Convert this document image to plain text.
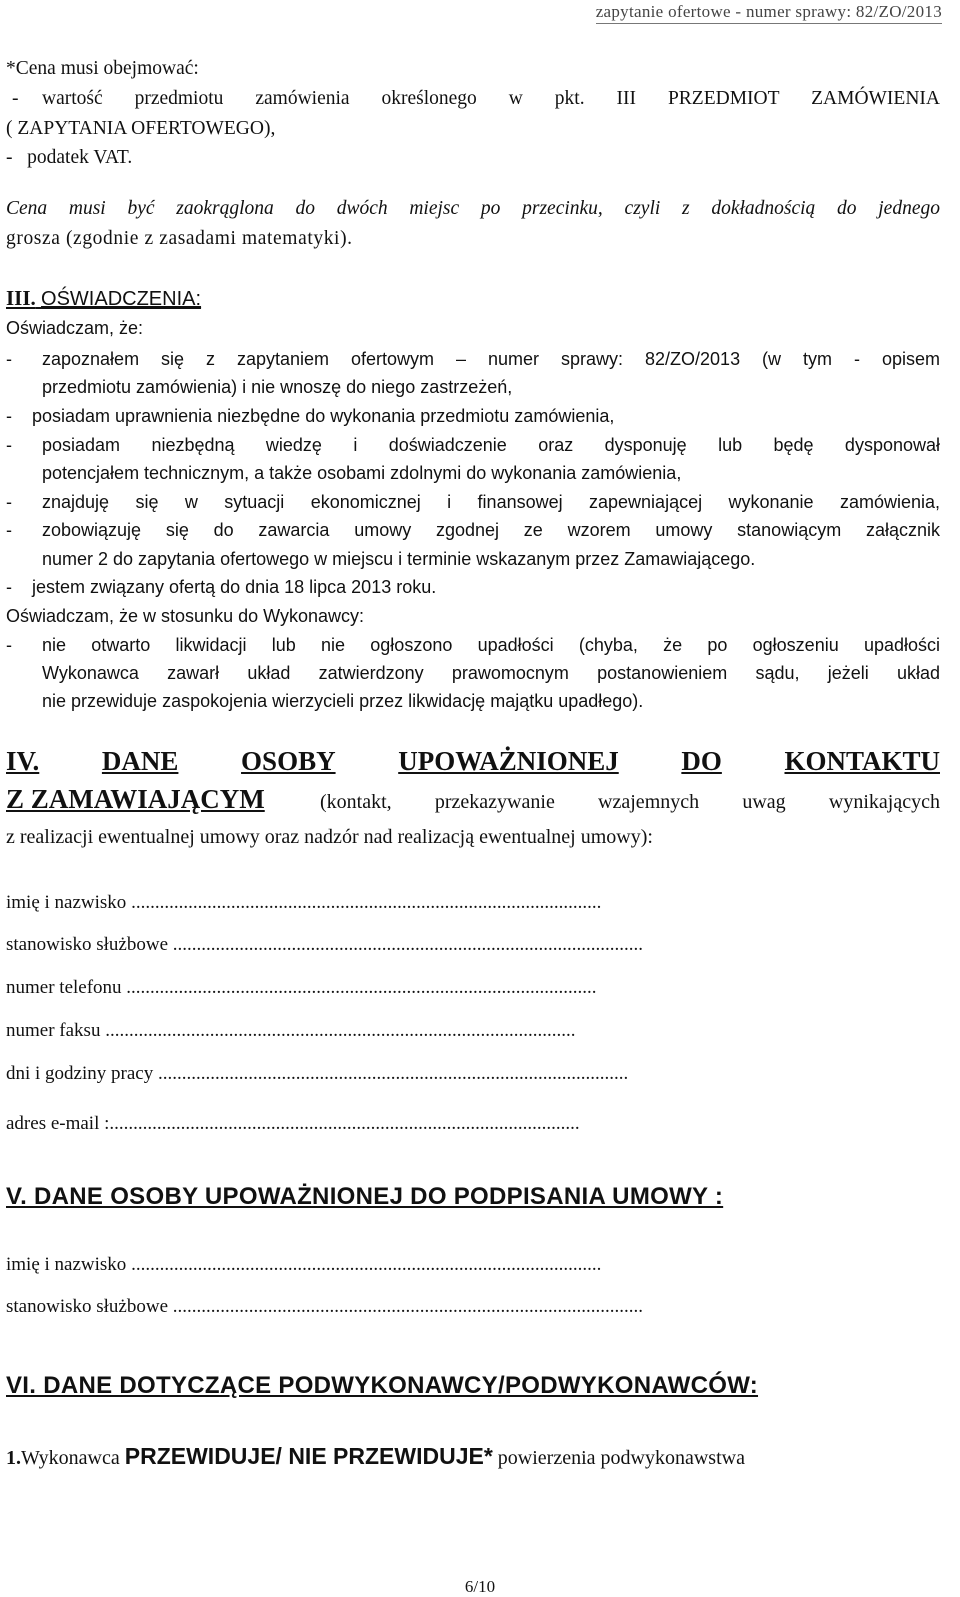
zapytanie ofertowe - numer sprawy: 82/ZO/2013
*Cena musi obejmować:
- wartość przedmiotu zamówienia określonego w pkt. III PRZEDMIOT ZAMÓWIENIA
( ZAPYTANIA OFERTOWEGO),
-   podatek VAT.
Cena musi być zaokrąglona do dwóch miejsc po przecinku, czyli z dokładnością do jednego
grosza (zgodnie z zasadami matematyki).
III. OŚWIADCZENIA:
Oświadczam, że:
- zapoznałem się z zapytaniem ofertowym – numer sprawy: 82/ZO/2013 (w tym - opisem
przedmiotu zamówienia) i nie wnoszę do niego zastrzeżeń,
-    posiadam uprawnienia niezbędne do wykonania przedmiotu zamówienia,
- posiadam niezbędną wiedzę i doświadczenie oraz dysponuję lub będę dysponował
potencjałem technicznym, a także osobami zdolnymi do wykonania zamówienia,
- znajduję się w sytuacji ekonomicznej i finansowej zapewniającej wykonanie zamówienia,
- zobowiązuję się do zawarcia umowy zgodnej ze wzorem umowy stanowiącym załącznik
numer 2 do zapytania ofertowego w miejscu i terminie wskazanym przez Zamawiającego.
-    jestem związany ofertą do dnia 18 lipca 2013 roku.
Oświadczam, że w stosunku do Wykonawcy:
- nie otwarto likwidacji lub nie ogłoszono upadłości (chyba, że po ogłoszeniu upadłości
Wykonawca zawarł układ zatwierdzony prawomocnym postanowieniem sądu, jeżeli układ
nie przewiduje zaspokojenia wierzycieli przez likwidację majątku upadłego).
IV. DANE OSOBY UPOWAŻNIONEJ DO KONTAKTU
Z ZAMAWIAJĄCYM	(kontakt, przekazywanie wzajemnych uwag wynikających
z realizacji ewentualnej umowy oraz nadzór nad realizacją ewentualnej umowy):
imię i nazwisko
...................................................................................................
stanowisko służbowe
...................................................................................................
numer telefonu
...................................................................................................
numer faksu
...................................................................................................
dni i godziny pracy
...................................................................................................
adres e-mail : ...................................................................................................
V. DANE OSOBY UPOWAŻNIONEJ DO PODPISANIA UMOWY :
imię i nazwisko
...................................................................................................
stanowisko służbowe
...................................................................................................
VI. DANE DOTYCZĄCE PODWYKONAWCY/PODWYKONAWCÓW:
1.Wykonawca PRZEWIDUJE/ NIE PRZEWIDUJE* powierzenia podwykonawstwa
6/10
